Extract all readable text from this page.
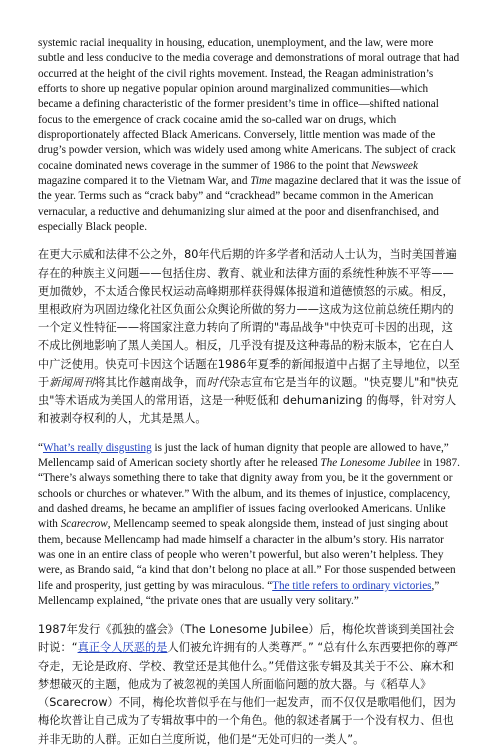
systemic racial inequality in housing, education, unemployment, and the law, were more subtle and less conducive to the media coverage and demonstrations of moral outrage that had occurred at the height of the civil rights movement. Instead, the Reagan administration’s efforts to shore up negative popular opinion around marginalized communities—which became a defining characteristic of the former president’s time in office—shifted national focus to the emergence of crack cocaine amid the so-called war on drugs, which disproportionately affected Black Americans. Conversely, little mention was made of the drug’s powder version, which was widely used among white Americans. The subject of crack cocaine dominated news coverage in the summer of 1986 to the point that Newsweek magazine compared it to the Vietnam War, and Time magazine declared that it was the issue of the year. Terms such as “crack baby” and “crackhead” became common in the American vernacular, a reductive and dehumanizing slur aimed at the poor and disenfranchised, and especially Black people.

在更大示威和法律不公之外，80年代后期的许多学者和活动人士认为，当时美国普遍存在的种族主义问题——包括住房、教育、就业和法律方面的系统性种族不平等——更加微妙，不太适合像民权运动高峰期那样获得媒体报道和道德愤怒的示威。相反，里根政府为巩固边缘化社区负面公众舆论所做的努力——这成为这位前总统任期内的一个定义性特征——将国家注意力转向了所谓的"毒品战争"中快克可卡因的出现，这不成比例地影响了黑人美国人。相反，几乎没有提及这种毒品的粉末版本，它在白人中广泛使用。快克可卡因这个话题在1986年夏季的新闻报道中占据了主导地位，以至于新闻周刊将其比作越南战争，而时代杂志宣布它是当年的议题。"快克婴儿"和"快克虫"等术语成为美国人的常用语，这是一种贬低和 dehumanizing 的侮辱，针对穷人和被剥夺权利的人，尤其是黑人。

“What’s really disgusting is just the lack of human dignity that people are allowed to have,” Mellencamp said of American society shortly after he released The Lonesome Jubilee in 1987. “There’s always something there to take that dignity away from you, be it the government or schools or churches or whatever.” With the album, and its themes of injustice, complacency, and dashed dreams, he became an amplifier of issues facing overlooked Americans. Unlike with Scarecrow, Mellencamp seemed to speak alongside them, instead of just singing about them, because Mellencamp had made himself a character in the album’s story. His narrator was one in an entire class of people who weren’t powerful, but also weren’t helpless. They were, as Brando said, “a kind that don’t belong no place at all.” For those suspended between life and prosperity, just getting by was miraculous. “The title refers to ordinary victories,” Mellencamp explained, “the private ones that are usually very solitary.”

1987年发行《孤独的盛会》（The Lonesome Jubilee）后，梅伦坎普谈到美国社会时说：“真正令人厌恶的是人们被允许拥有的人类尊严。” “总有什么东西要把你的尊严夺走，无论是政府、学校、教堂还是其他什么。”凭借这张专辑及其关于不公、麻木和梦想破灭的主题，他成为了被忽视的美国人所面临问题的放大器。与《稻草人》（Scarecrow）不同，梅伦坎普似乎在与他们一起发声，而不仅仅是歌唱他们，因为梅伦坎普让自己成为了专辑故事中的一个角色。他的叙述者属于一个没有权力、但也并非无助的人群。正如白兰度所说，他们是“无处可归的一类人”。
